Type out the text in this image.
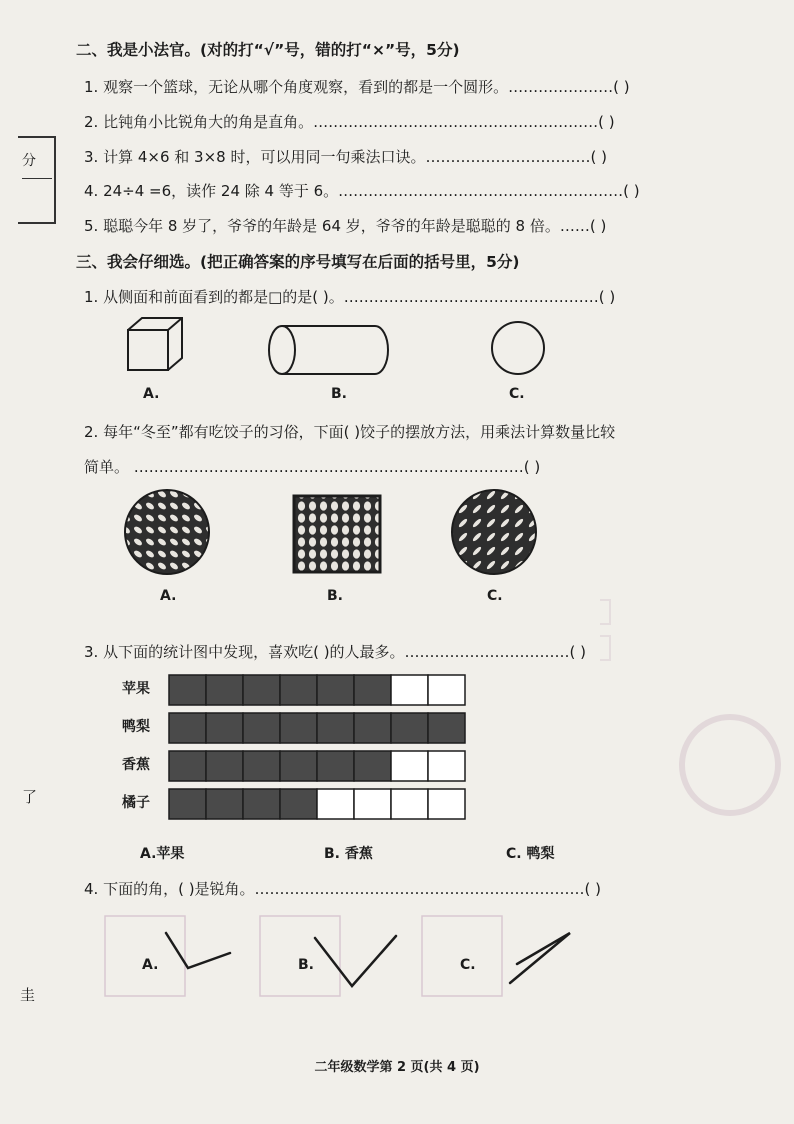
分
了
圭
二、我是小法官。(对的打“√”号，错的打“×”号，5分)
1. 观察一个篮球，无论从哪个角度观察，看到的都是一个圆形。…………………( )
2. 比钝角小比锐角大的角是直角。…………………………………………………( )
3. 计算 4×6 和 3×8 时，可以用同一句乘法口诀。……………………………( )
4. 24÷4 =6，读作 24 除 4 等于 6。…………………………………………………( )
5. 聪聪今年 8 岁了，爷爷的年龄是 64 岁，爷爷的年龄是聪聪的 8 倍。……( )
三、我会仔细选。(把正确答案的序号填写在后面的括号里，5分)
1. 从侧面和前面看到的都是□的是( )。……………………………………………( )
A.	B.	C.
2. 每年“冬至”都有吃饺子的习俗，下面( )饺子的摆放方法，用乘法计算数量比较
简单。 ……………………………………………………………………( )
A.	B.	C.
3. 从下面的统计图中发现，喜欢吃( )的人最多。……………………………( )
苹果
鸭梨
香蕉
橘子
A.苹果	B. 香蕉	C. 鸭梨
4. 下面的角，( )是锐角。…………………………………………………………( )
A.	B.	C.
二年级数学第 2 页(共 4 页)
